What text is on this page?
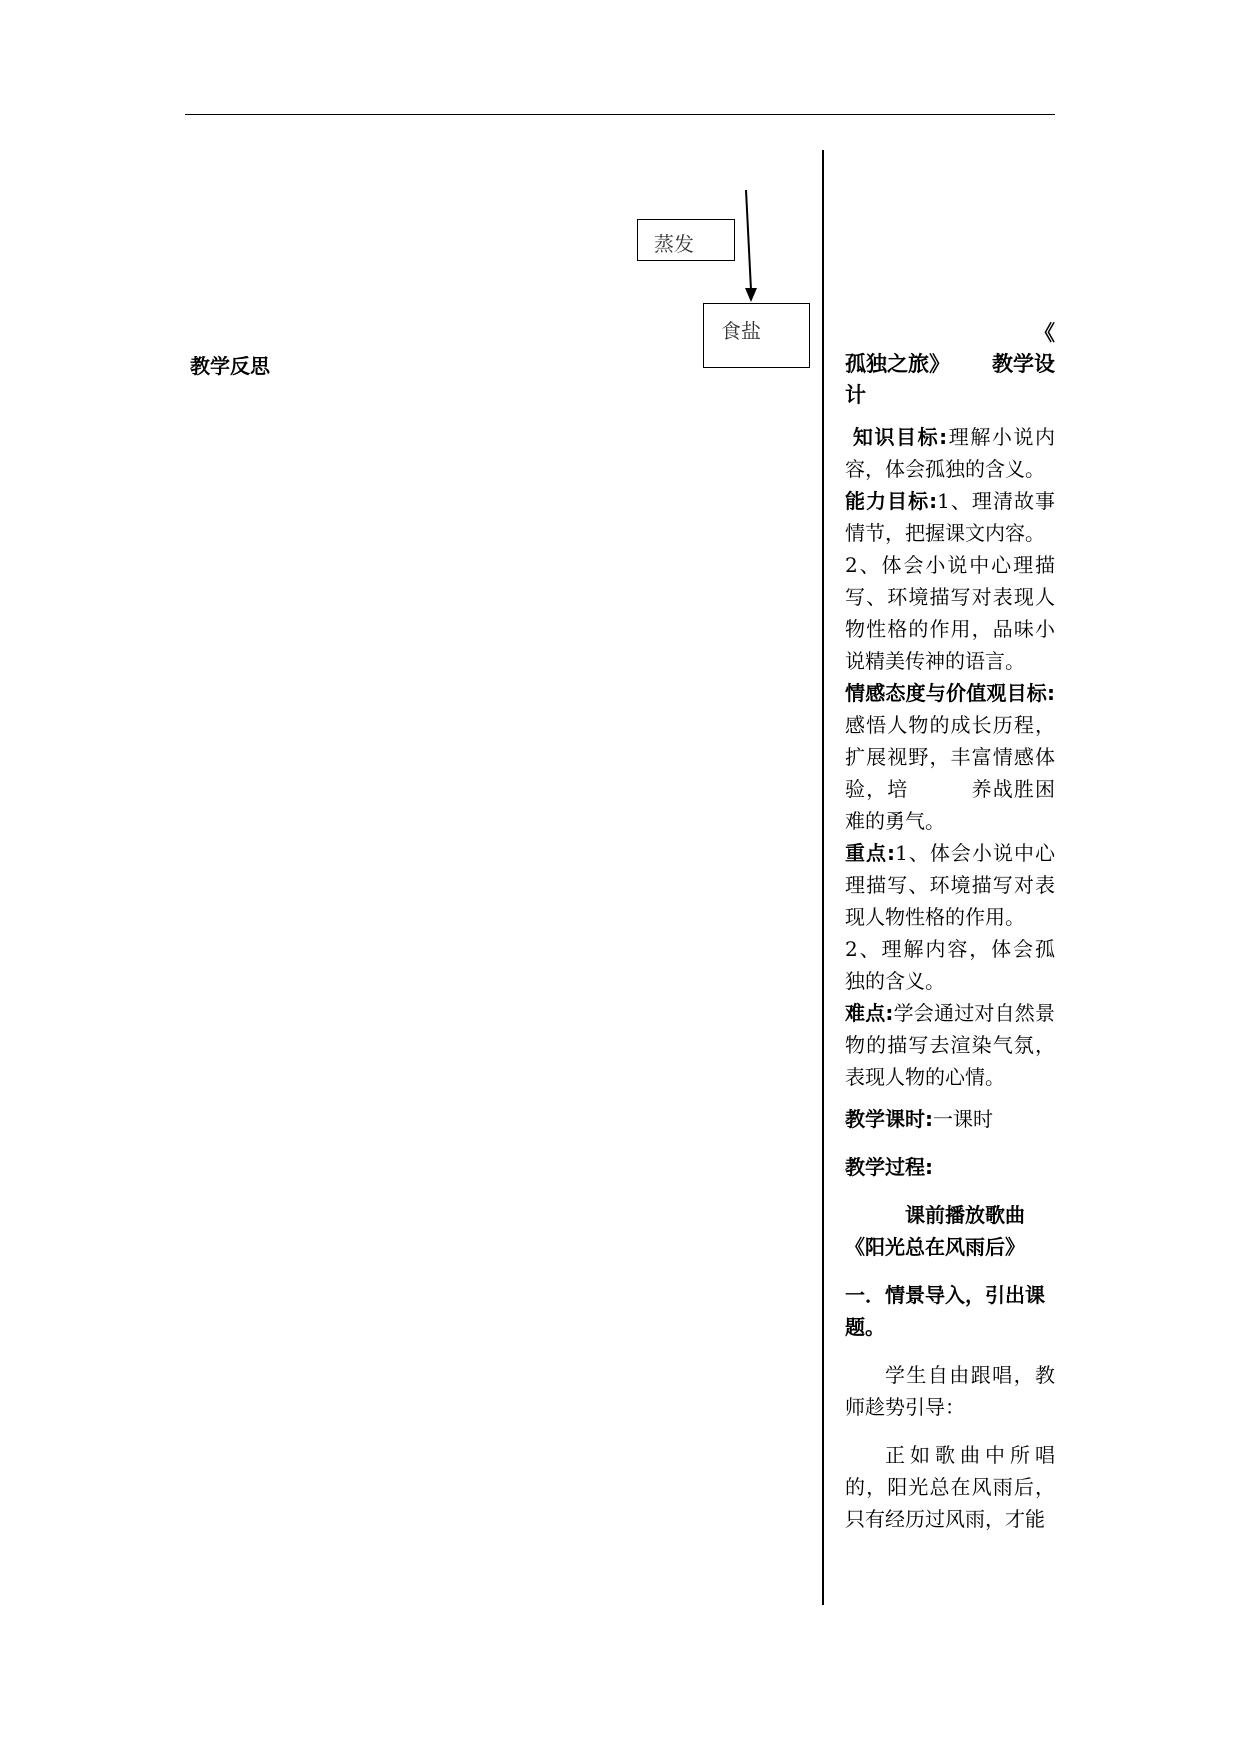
蒸发
食盐
教学反思

《
孤独之旅》 教学设
计

知识目标:理解小说内容，体会孤独的含义。

能力目标:1、理清故事情节，把握课文内容。

2、体会小说中心理描写、环境描写对表现人物性格的作用，品味小说精美传神的语言。

情感态度与价值观目标:感悟人物的成长历程，扩展视野，丰富情感体验，培　　　养战胜困难的勇气。

重点:1、体会小说中心理描写、环境描写对表现人物性格的作用。

2、理解内容，体会孤独的含义。

难点:学会通过对自然景物的描写去渲染气氛，表现人物的心情。

教学课时:一课时

教学过程:

课前播放歌曲《阳光总在风雨后》

一．情景导入，引出课题。

学生自由跟唱，教师趁势引导：

正如歌曲中所唱的，阳光总在风雨后，只有经历过风雨，才能
